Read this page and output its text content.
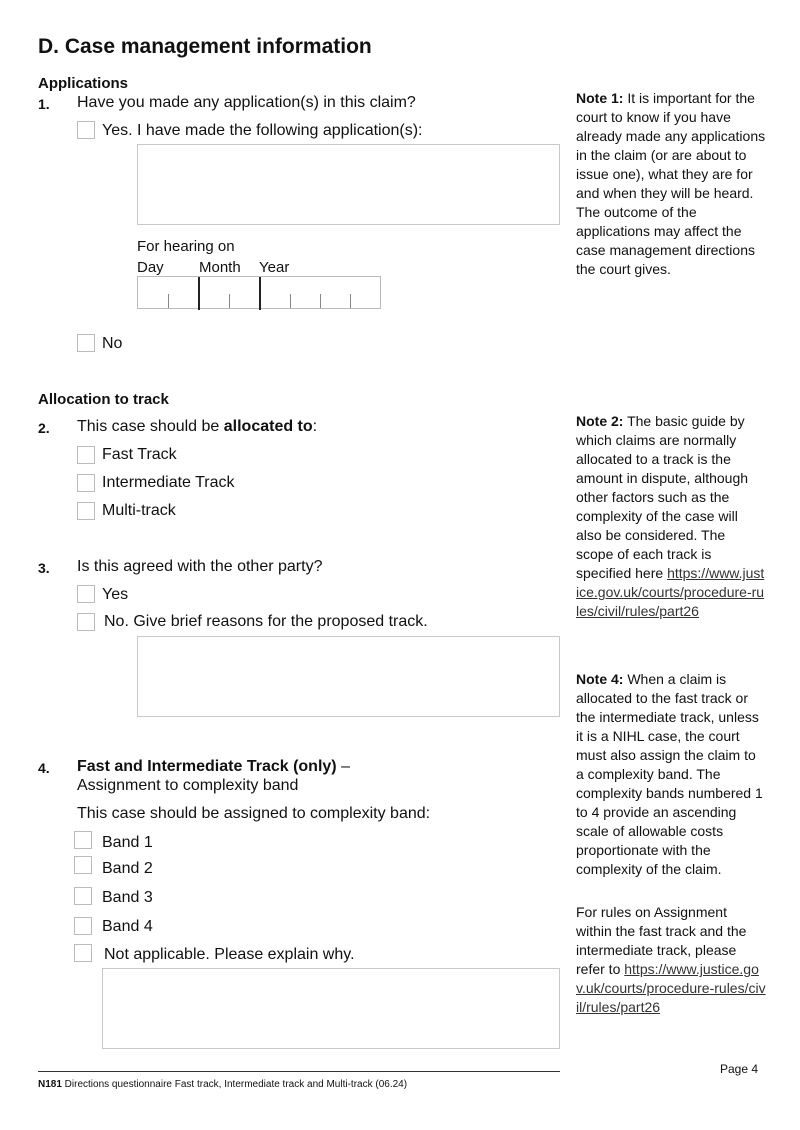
D. Case management information
Applications
1. Have you made any application(s) in this claim?
Yes. I have made the following application(s):
For hearing on
Day Month Year
No
Allocation to track
2. This case should be allocated to:
Fast Track
Intermediate Track
Multi-track
3. Is this agreed with the other party?
Yes
No. Give brief reasons for the proposed track.
4. Fast and Intermediate Track (only) –
Assignment to complexity band
This case should be assigned to complexity band:
Band 1
Band 2
Band 3
Band 4
Not applicable. Please explain why.
Note 1: It is important for the court to know if you have already made any applications in the claim (or are about to issue one), what they are for and when they will be heard. The outcome of the applications may affect the case management directions the court gives.
Note 2: The basic guide by which claims are normally allocated to a track is the amount in dispute, although other factors such as the complexity of the case will also be considered. The scope of each track is specified here https://www.justice.gov.uk/courts/procedure-rules/civil/rules/part26
Note 4: When a claim is allocated to the fast track or the intermediate track, unless it is a NIHL case, the court must also assign the claim to a complexity band. The complexity bands numbered 1 to 4 provide an ascending scale of allowable costs proportionate with the complexity of the claim.
For rules on Assignment within the fast track and the intermediate track, please refer to https://www.justice.gov.uk/courts/procedure-rules/civil/rules/part26
Page 4
N181 Directions questionnaire Fast track, Intermediate track and Multi-track (06.24)
